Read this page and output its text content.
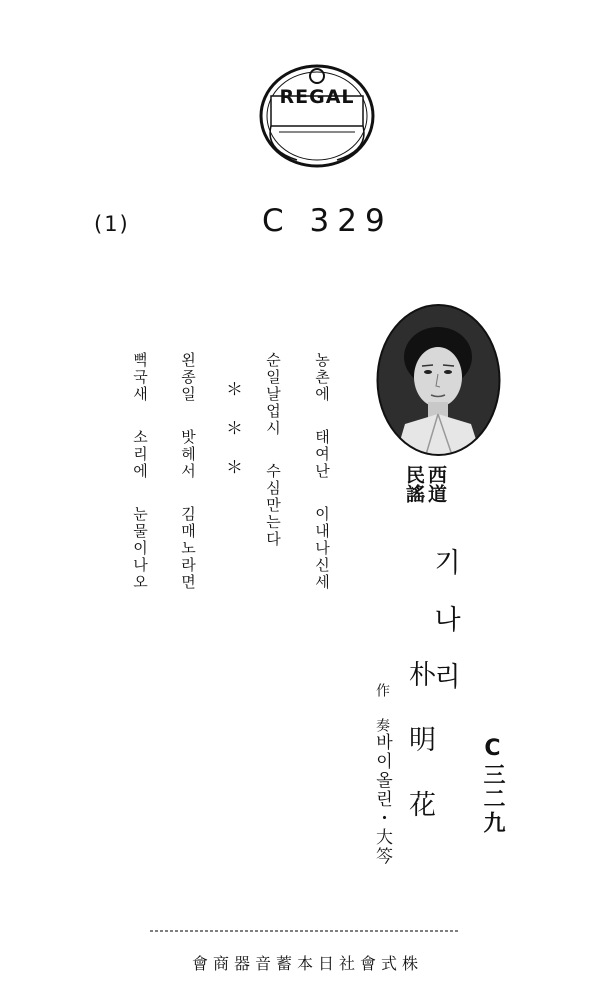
REGAL
(1)	C 329
西道
民謠
기나리
朴明花
作
奏
바이올린・大笒	C三二九
농촌에 태여난 이내나신세
순일날업시 수심만는다
＊＊＊
왼종일 밧헤서 김매노라면
뻑국새 소리에 눈물이나오
會商器音蓄本日社會式株
